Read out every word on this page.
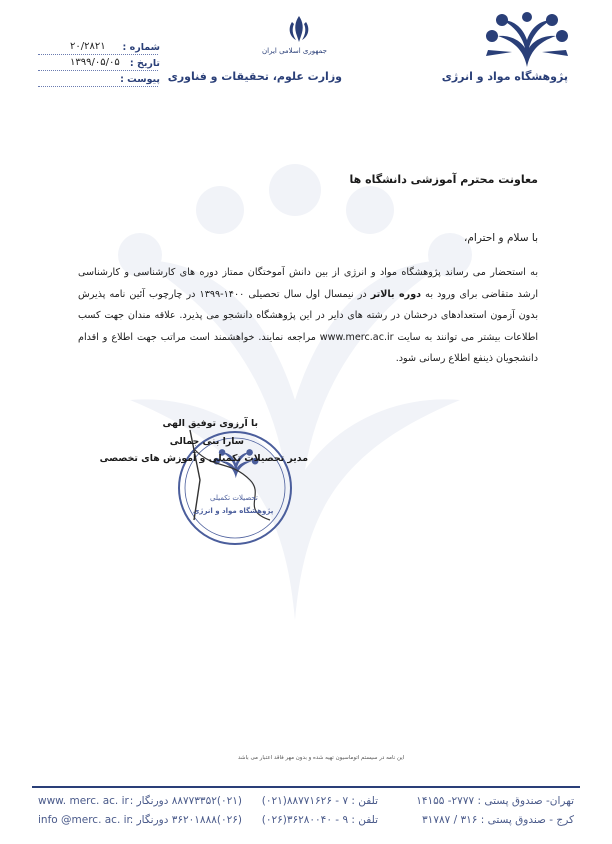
پژوهشگاه مواد و انرژی
جمهوری اسلامی ایران
وزارت علوم، تحقیقات و فناوری
شماره :
تاریخ :
پیوست :
۲۰/۲۸۲۱
۱۳۹۹/۰۵/۰۵
معاونت محترم آموزشی دانشگاه ها
با سلام و احترام،
به استحضار می رساند پژوهشگاه مواد و انرژی از بین دانش آموختگان ممتاز دوره های کارشناسی و کارشناسی ارشد متقاضی برای ورود به دوره بالاتر در نیمسال اول سال تحصیلی ۱۴۰۰-۱۳۹۹ در چارچوب آئین نامه پذیرش بدون آزمون استعدادهای درخشان در رشته های دایر در این پژوهشگاه دانشجو می پذیرد. علاقه مندان جهت کسب اطلاعات بیشتر می توانند به سایت www.merc.ac.ir مراجعه نمایند. خواهشمند است مراتب جهت اطلاع و اقدام دانشجویان ذینفع اطلاع رسانی شود.
تحصیلات تکمیلی
پژوهشگاه مواد و انرژی
با آرزوی توفیق الهی
سارا بنی جمالی
مدیر تحصیلات تکمیلی و آموزش های تخصصی
این نامه در سیستم اتوماسیون تهیه شده و بدون مهر فاقد اعتبار می باشد
www. merc. ac. ir (۰۲۱)۸۸۷۷۳۳۵۲ دورنگار : تلفن : ۷ - ۸۸۷۷۱۶۲۶(۰۲۱)	تهران- صندوق پستی : ۲۷۷۷- ۱۴۱۵۵
info @merc. ac. ir
(۰۲۶)۳۶۲۰۱۸۸۸ دورنگار : تلفن : ۹ - ۳۶۲۸۰۰۴۰(۰۲۶)	کرج - صندوق پستی : ۳۱۶ / ۳۱۷۸۷
